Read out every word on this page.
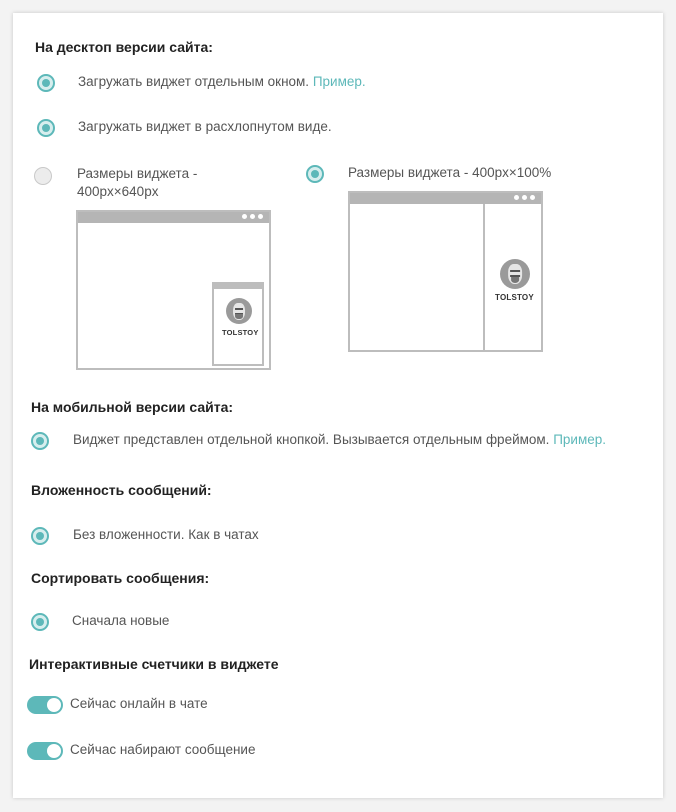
На десктоп версии сайта:
Загружать виджет отдельным окном. Пример.
Загружать виджет в расхлопнутом виде.
Размеры виджета - 400px×640px
Размеры виджета - 400px×100%
TOLSTOY
TOLSTOY
На мобильной версии сайта:
Виджет представлен отдельной кнопкой. Вызывается отдельным фреймом. Пример.
Вложенность сообщений:
Без вложенности. Как в чатах
Сортировать сообщения:
Сначала новые
Интерактивные счетчики в виджете
Сейчас онлайн в чате
Сейчас набирают сообщение
